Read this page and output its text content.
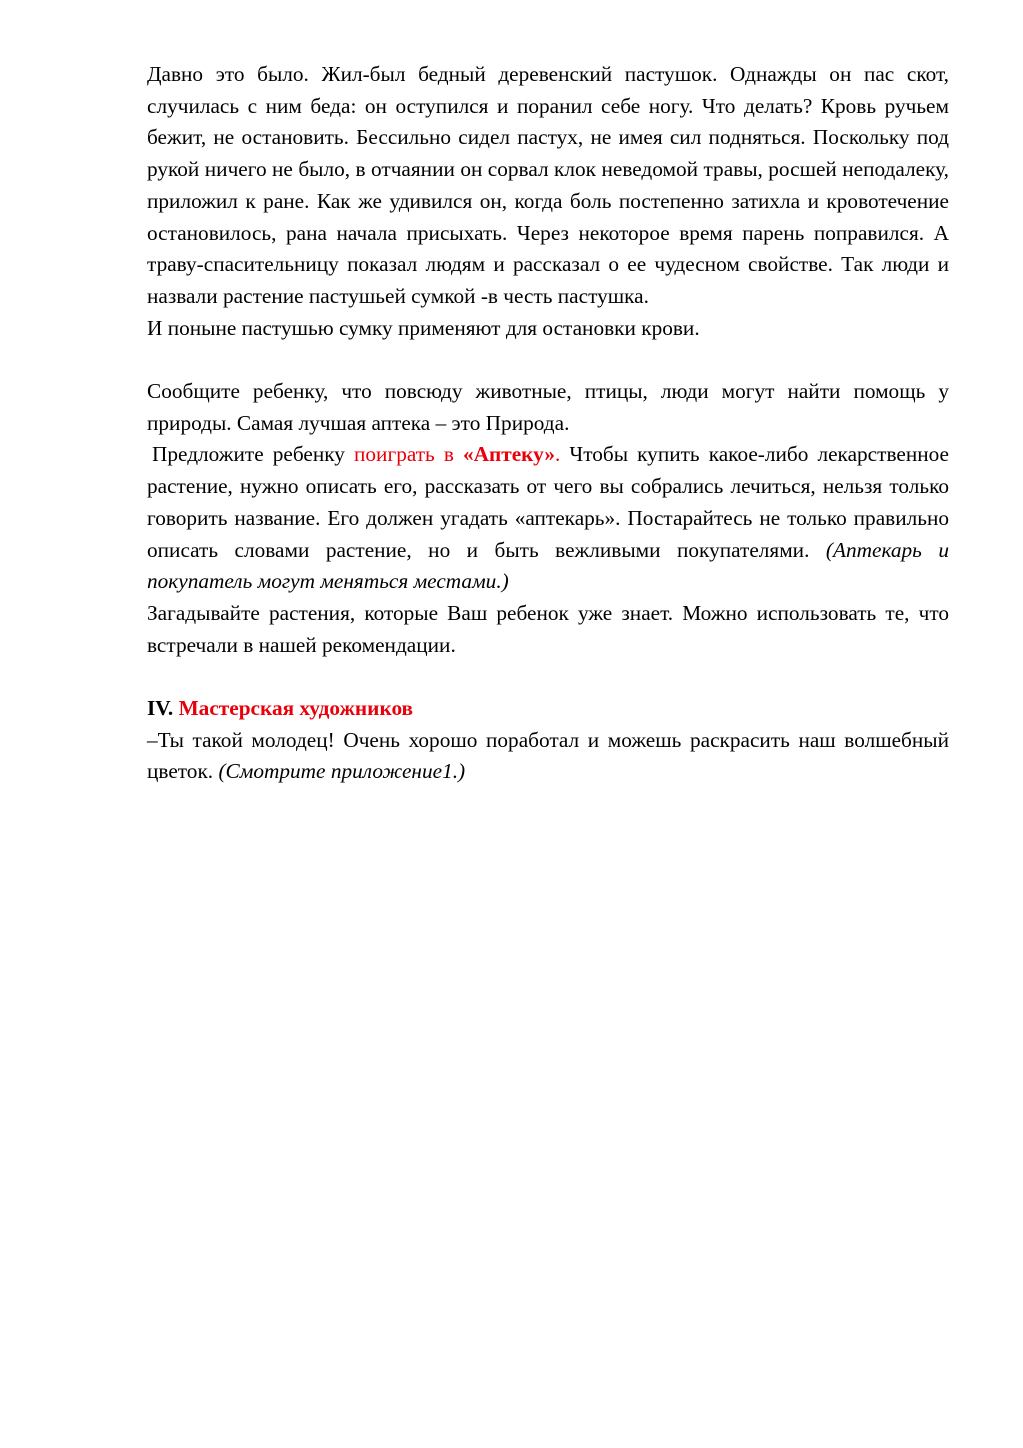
Давно это было. Жил-был бедный деревенский пастушок. Однажды он пас скот, случилась с ним беда: он оступился и поранил себе ногу. Что делать? Кровь ручьем бежит, не остановить. Бессильно сидел пастух, не имея сил подняться. Поскольку под рукой ничего не было, в отчаянии он сорвал клок неведомой травы, росшей неподалеку, приложил к ране. Как же удивился он, когда боль постепенно затихла и кровотечение остановилось, рана начала присыхать. Через некоторое время парень поправился. А траву-спасительницу показал людям и рассказал о ее чудесном свойстве. Так люди и назвали растение пастушьей сумкой -в честь пастушка.

И поныне пастушью сумку применяют для остановки крови.

Сообщите ребенку, что повсюду животные, птицы, люди могут найти помощь у природы. Самая лучшая аптека – это Природа.

Предложите ребенку поиграть в «Аптеку». Чтобы купить какое-либо лекарственное растение, нужно описать его, рассказать от чего вы собрались лечиться, нельзя только говорить название. Его должен угадать «аптекарь». Постарайтесь не только правильно описать словами растение, но и быть вежливыми покупателями. (Аптекарь и покупатель могут меняться местами.)

Загадывайте растения, которые Ваш ребенок уже знает. Можно использовать те, что встречали в нашей рекомендации.

IV. Мастерская художников

–Ты такой молодец! Очень хорошо поработал и можешь раскрасить наш волшебный цветок. (Смотрите приложение1.)
